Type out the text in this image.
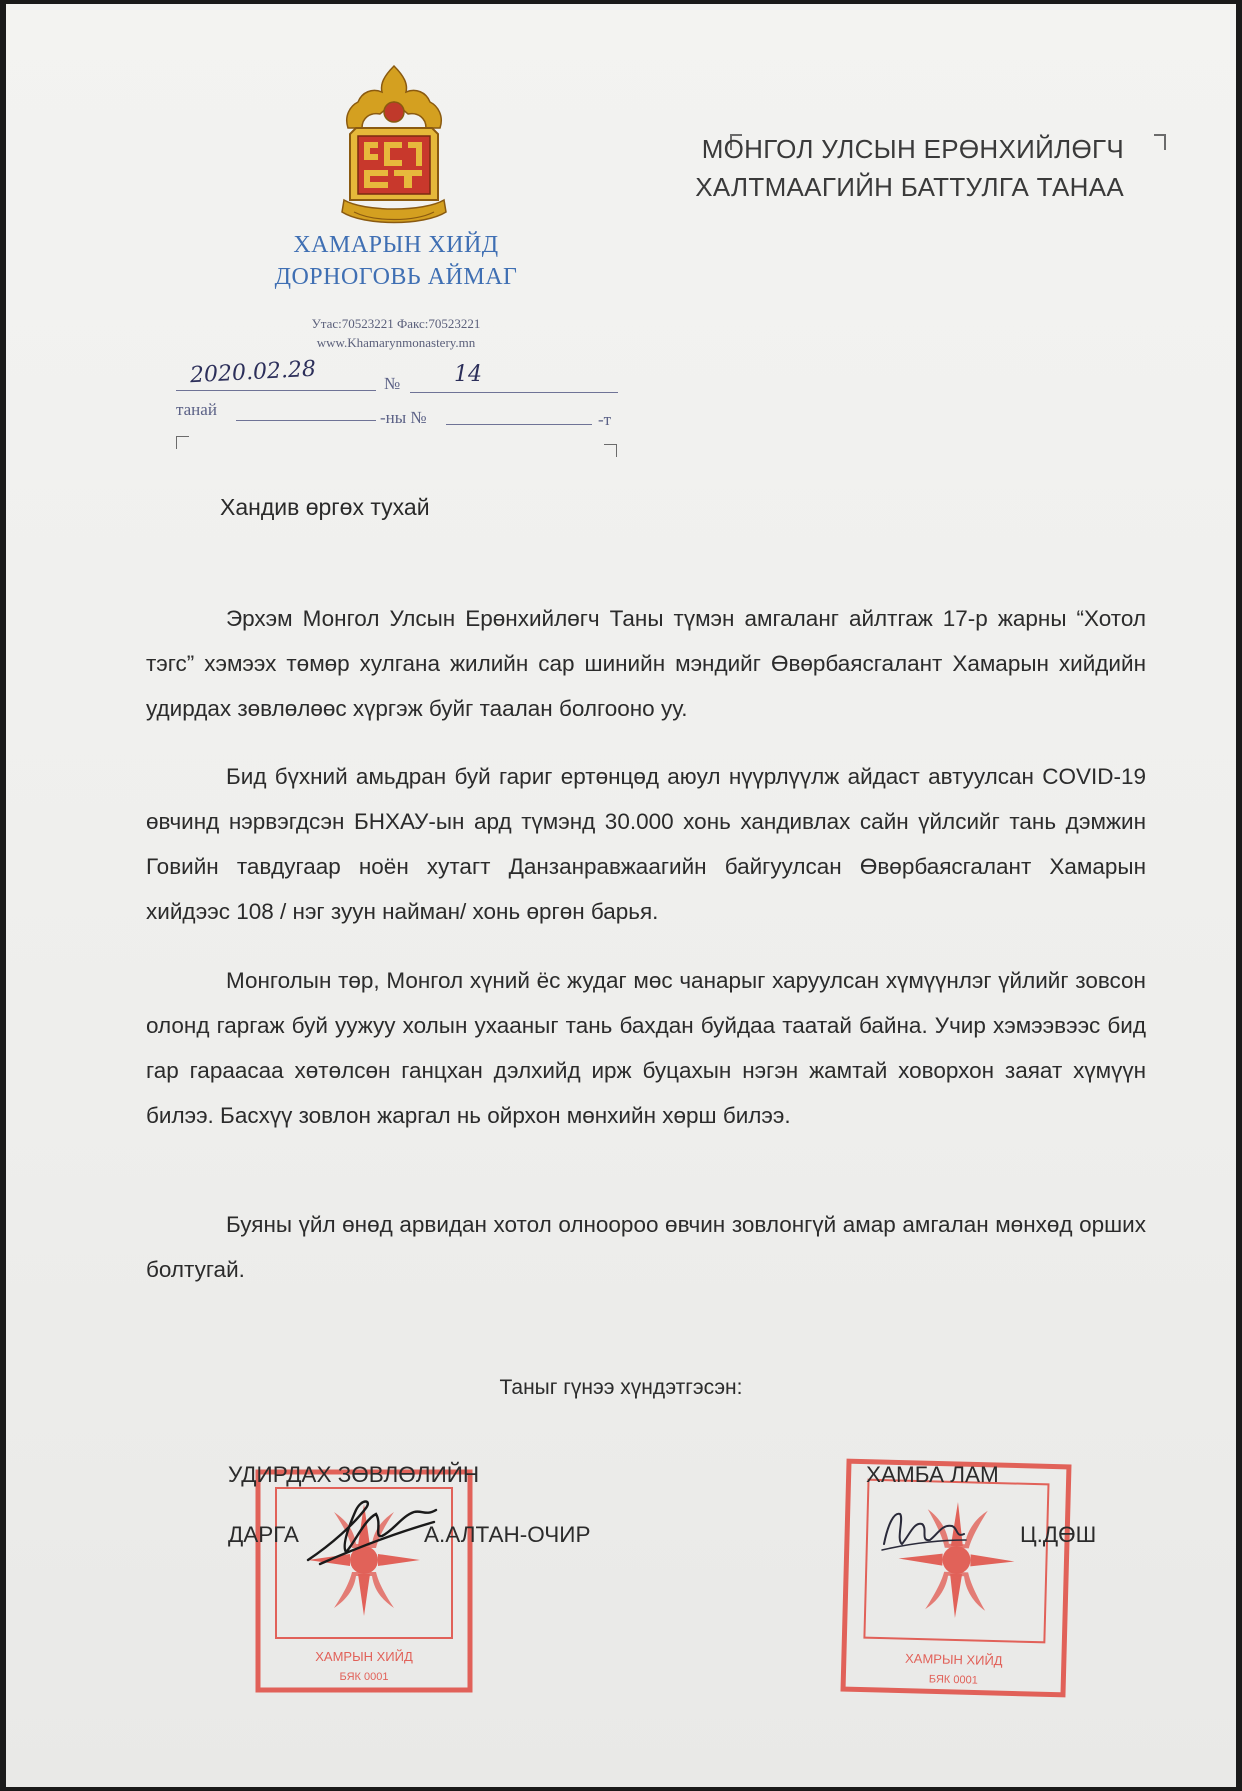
ХАМАРЫН ХИЙД
ДОРНОГОВЬ АЙМАГ
Утас:70523221 Факс:70523221
www.Khamarynmonastery.mn
2020.02.28	№ 14
танай	-ны №	-т
МОНГОЛ УЛСЫН ЕРӨНХИЙЛӨГЧ
ХАЛТМААГИЙН БАТТУЛГА ТАНАА
Хандив өргөх тухай

Эрхэм Монгол Улсын Ерөнхийлөгч Таны түмэн амгаланг айлтгаж 17-р жарны “Хотол тэгс” хэмээх төмөр хулгана жилийн сар шинийн мэндийг Өвөрбаясгалант Хамарын хийдийн удирдах зөвлөлөөс хүргэж буйг таалан болгооно уу.

Бид бүхний амьдран буй гариг ертөнцөд аюул нүүрлүүлж айдаст автуулсан COVID-19 өвчинд нэрвэгдсэн БНХАУ-ын ард түмэнд 30.000 хонь хандивлах сайн үйлсийг тань дэмжин Говийн тавдугаар ноён хутагт Данзанравжаагийн байгуулсан Өвөрбаясгалант Хамарын хийдээс 108 / нэг зуун найман/ хонь өргөн барья.

Монголын төр, Монгол хүний ёс жудаг мөс чанарыг харуулсан хүмүүнлэг үйлийг зовсон олонд гаргаж буй уужуу холын ухааныг тань бахдан буйдаа таатай байна. Учир хэмээвээс бид гар гараасаа хөтөлсөн ганцхан дэлхийд ирж буцахын нэгэн жамтай ховорхон заяат хүмүүн билээ. Басхүү зовлон жаргал нь ойрхон мөнхийн хөрш билээ.

Буяны үйл өнөд арвидан хотол олноороо өвчин зовлонгүй амар амгалан мөнхөд орших болтугай.

Таныг гүнээ хүндэтгэсэн:
ХАМРЫН ХИЙД
БЯК 0001
ХАМРЫН ХИЙД
БЯК 0001
УДИРДАХ ЗӨВЛӨЛИЙН
ДАРГА	А.АЛТАН-ОЧИР
ХАМБА ЛАМ
Ц.ДӨШ
